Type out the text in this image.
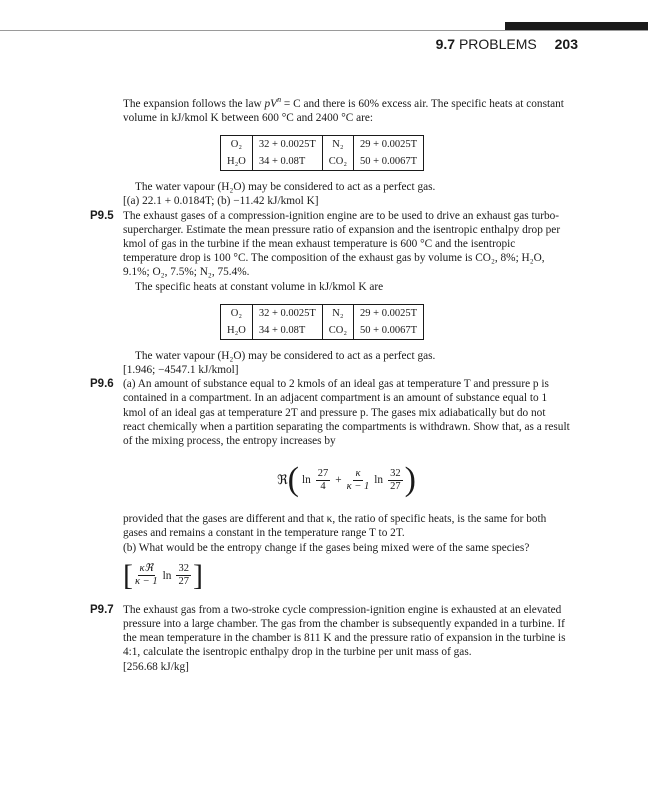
9.7 PROBLEMS 203

The expansion follows the law $pV^n = C$ and there is 60% excess air. The specific heats at constant volume in kJ/kmol K between 600 °C and 2400 °C are:

O₂	32 + 0.0025T	N₂	29 + 0.0025T
H₂O	34 + 0.08T	CO₂	50 + 0.0067T

The water vapour (H₂O) may be considered to act as a perfect gas.

[(a) 22.1 + 0.0184T; (b) −11.42 kJ/kmol K]

P9.5 The exhaust gases of a compression-ignition engine are to be used to drive an exhaust gas turbo-supercharger. Estimate the mean pressure ratio of expansion and the isentropic enthalpy drop per kmol of gas in the turbine if the mean exhaust temperature is 600 °C and the isentropic temperature drop is 100 °C. The composition of the exhaust gas by volume is CO₂, 8%; H₂O, 9.1%; O₂, 7.5%; N₂, 75.4%.

The specific heats at constant volume in kJ/kmol K are

O₂	32 + 0.0025T	N₂	29 + 0.0025T
H₂O	34 + 0.08T	CO₂	50 + 0.0067T

The water vapour (H₂O) may be considered to act as a perfect gas.

[1.946; −4547.1 kJ/kmol]

P9.6 (a) An amount of substance equal to 2 kmols of an ideal gas at temperature T and pressure p is contained in a compartment. In an adjacent compartment is an amount of substance equal to 1 kmol of an ideal gas at temperature 2T and pressure p. The gases mix adiabatically but do not react chemically when a partition separating the compartments is withdrawn. Show that, as a result of the mixing process, the entropy increases by

ℜ ( $\ln \frac{27}{4} + \frac{\kappa}{\kappa - 1}$ $\ln \frac{32}{27}$ )

provided that the gases are different and that κ, the ratio of specific heats, is the same for both gases and remains a constant in the temperature range T to 2T.

(b) What would be the entropy change if the gases being mixed were of the same species?

[ $\frac{\text{κℜ}}{\kappa - 1}$ $\ln \frac{32}{27}$ ]
P9.7 The exhaust gas from a two-stroke cycle compression-ignition engine is exhausted at an elevated pressure into a large chamber. The gas from the chamber is subsequently expanded in a turbine. If the mean temperature in the chamber is 811 K and the pressure ratio of expansion in the turbine is 4:1, calculate the isentropic enthalpy drop in the turbine per unit mass of gas.

[256.68 kJ/kg]
